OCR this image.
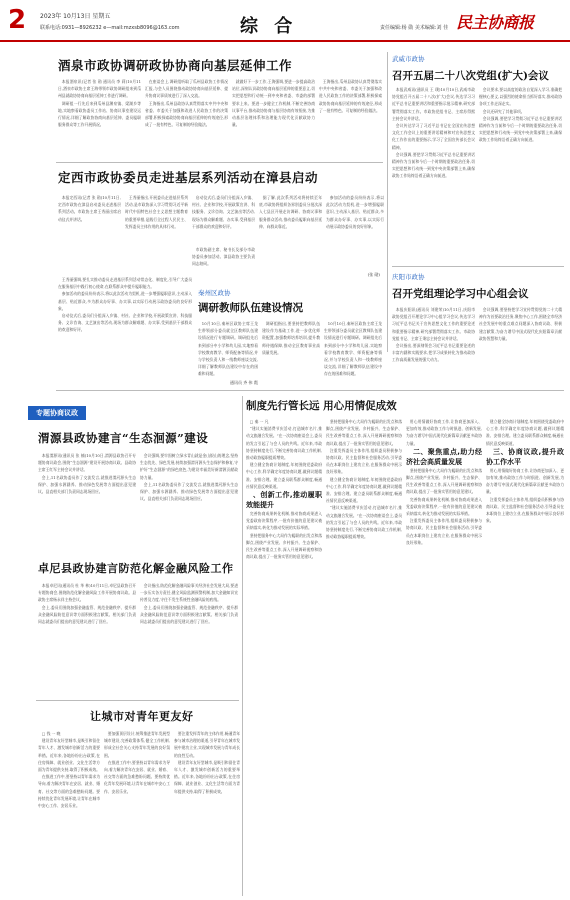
2 2023年 10月13日 星期五
联系电话:0931—8926232 e—mail:mzxsb8096@163.com	综 合	责任编辑:杨 勋 美术编辑:刘 佳 民主协商报
酒泉市政协调研政协协商向基层延伸工作

本报酒泉讯(记者 张 勋 通讯员 李 莉)10月11日,酒泉市政协主席王海带领市政协调研组来到瓜州县就政协协商向基层延伸工作进行调研。

调研组一行先后来到瓜州县渊泉镇、梁湖乡等地,实地察看政协委员工作站、协商议事室建设运行情况,详细了解政协协商向基层延伸、委员履职服务群众等工作开展情况。

在座谈会上,调研组听取了瓜州县政协工作情况汇报,与会人员围绕推动政协协商向基层延伸、提升协商议事质效进行了深入交流。

王海指出,瓜州县政协认真贯彻落实中共中央和省委、市委关于加强和改进人民政协工作的决策部署,积极探索政协协商向基层延伸的有效途径,形成了一批有特色、可复制的经验做法。

就做好下一步工作,王海强调,要进一步提高政治站位,深刻认识政协协商向基层延伸的重要意义,切实把思想和行动统一到中央和省委、市委的部署要求上来。要进一步健全工作机制,不断完善协商议事平台,推动政协协商与基层协商有效衔接,为推动基层治理体系和治理能力现代化贡献政协力量。

王海指出,瓜州县政协认真贯彻落实中共中央和省委、市委关于加强和改进人民政协工作的决策部署,积极探索政协协商向基层延伸的有效途径,形成了一批有特色、可复制的经验做法。

武威市政协
召开五届二十八次党组(扩大)会议

本报武威讯(通讯员 王 璞)10月10日,武威市政协党组召开五届二十八次(扩大)会议,传达学习习近平总书记重要讲话和重要指示批示精神,研究部署贯彻落实工作。市政协党组书记、主席苏得熙主持会议并讲话。

会议传达学习了习近平总书记在全国宣传思想文化工作会议上的重要讲话精神和对宣传思想文化工作作出的重要指示,学习了全国宣传部长会议精神。

会议强调,要把学习贯彻习近平总书记重要讲话精神作为当前和今后一个时期的重要政治任务,切实把思想和行动统一到党中央决策部署上来,确保政协工作始终沿着正确方向前进。

会议要求,要以高度的政治自觉深入学习,准确把握核心要义,以强烈的使命担当抓好落实,推动政协各项工作走深走实。

会议还研究了其他事项。

会议强调,要把学习贯彻习近平总书记重要讲话精神作为当前和今后一个时期的重要政治任务,切实把思想和行动统一到党中央决策部署上来,确保政协工作始终沿着正确方向前进。

定西市政协委员走进基层系列活动在漳县启动

本报定西讯(记者 张 勋)10月11日,定西市政协在漳县启动委员走进基层系列活动。市政协主席王秀丽出席启动仪式并讲话。

王秀丽指出,开展委员走进基层系列活动,是市政协深入学习贯彻习近平新时代中国特色社会主义思想主题教育的重要举措,是践行全过程人民民主、发挥委员主体作用的具体行动。

启动仪式后,委员们分组深入乡镇、村社、企业和学校,开展政策宣讲、科技服务、义诊咨询、文艺演出等活动,现场为群众解难题、办实事,受到基层干部群众的欢迎和好评。

据了解,此次系列活动将持续至年底,市政协将组织各界别委员分批次深入七县区开展走访调研、协商议事和服务群众活动,推动委员履职向基层延伸、向群众靠近。

参加活动的委员纷纷表示,将以此次活动为契机,进一步增强履职意识,主动深入基层、贴近群众,多为群众办好事、办实事,以实际行动展示政协委员的良好形象。

市政协副主席、秘书长及部分市政协委员参加活动。漳县政协主要负责同志陪同。

(张 勋) 庆阳市政协
召开党组理论学习中心组会议

本报庆阳讯(通讯员 刘建荣)10月11日,庆阳市政协党组召开理论学习中心组学习会议,传达学习习近平总书记关于宣传思想文化工作的重要论述和重要指示精神,研究部署贯彻落实工作。市政协党组书记、主席王秉忠主持会议并讲话。

会议指出,要深刻领会习近平总书记重要论述的丰富内涵和实践要求,把学习成果转化为推动政协工作高质量发展的强大动力。

会议强调,要坚持把学习宣传贯彻党的二十大精神作为首要政治任务,聚焦中心工作,围绕全市经济社会发展中的重点难点问题深入协商议政、积极建言献策,为奋力谱写中国式现代化庆阳篇章贡献政协智慧和力量。

秦州区政协
调研教师队伍建设情况

10月10日,秦州区政协主席王龙生带领部分委员就全区教师队伍建设情况进行专题调研。调研组先后来到部分中小学和幼儿园,实地察看学校教育教学、师资配备等情况,并与学校负责人和一线教师座谈交流,详细了解教师队伍建设中存在的困难和问题。

调研组指出,要坚持把教师队伍建设作为基础工作,进一步优化师资配置,加强教师培养培训,提升教师待遇保障,推动全区教育事业高质量发展。

10月10日,秦州区政协主席王龙生带领部分委员就全区教师队伍建设情况进行专题调研。调研组先后来到部分中小学和幼儿园,实地察看学校教育教学、师资配备等情况,并与学校负责人和一线教师座谈交流,详细了解教师队伍建设中存在的困难和问题。

通讯员 齐 伟 霞

王秀丽强调,要扎实推动委员走进基层系列活动常态化、制度化,引导广大委员在服务基层中践行初心使命,在联系群众中提升履职能力。

参加活动的委员纷纷表示,将以此次活动为契机,进一步增强履职意识,主动深入基层、贴近群众,多为群众办好事、办实事,以实际行动展示政协委员的良好形象。

启动仪式后,委员们分组深入乡镇、村社、企业和学校,开展政策宣讲、科技服务、义诊咨询、文艺演出等活动,现场为群众解难题、办实事,受到基层干部群众的欢迎和好评。

专题协商议政
制度先行管长远 用心用情促成效

□ 秦 一 凡

“建议实施消费节庆活动,打造城市名片,推动文旅融合发展。”在一次协商座谈会上,委员的发言引起了与会人员的共鸣。近年来,市政协坚持制度先行,不断完善协商议政工作机制,推动政协履职提质增效。

建立健全协商计划制度,年初围绕党委政府中心工作,科学确定年度协商议题,做到议题精准、安排合理。建立委员联系群众制度,畅通社情民意反映渠道。

、创新工作,推动履职效能提升

完善协商成果转化机制,推动协商成果进入党委政府决策程序,一批有价值的意见建议被采纳落实,转化为推动发展的实际举措。

坚持把服务中心大局作为履职的出发点和落脚点,围绕产业发展、乡村振兴、生态保护、民生改善等重点工作,深入开展调研视察和协商议政,提出了一批务实管用的意见建议。

坚持把服务中心大局作为履职的出发点和落脚点,围绕产业发展、乡村振兴、生态保护、民生改善等重点工作,深入开展调研视察和协商议政,提出了一批务实管用的意见建议。

注重发挥委员主体作用,组织委员积极参与协商议政、民主监督和社会服务活动,引导委员在本职岗位上建功立业,在服务群众中展示良好形象。

建立健全协商计划制度,年初围绕党委政府中心工作,科学确定年度协商议题,做到议题精准、安排合理。建立委员联系群众制度,畅通社情民意反映渠道。

“建议实施消费节庆活动,打造城市名片,推动文旅融合发展。”在一次协商座谈会上,委员的发言引起了与会人员的共鸣。近年来,市政协坚持制度先行,不断完善协商议政工作机制,推动政协履职提质增效。

用心用情做好协商工作,让协商更加深入、更加有效,推动政协工作与时俱进、创新发展,为奋力谱写中国式现代化新篇章贡献更多政协力量。

二、聚焦重点,助力经济社会高质量发展

坚持把服务中心大局作为履职的出发点和落脚点,围绕产业发展、乡村振兴、生态保护、民生改善等重点工作,深入开展调研视察和协商议政,提出了一批务实管用的意见建议。

完善协商成果转化机制,推动协商成果进入党委政府决策程序,一批有价值的意见建议被采纳落实,转化为推动发展的实际举措。

注重发挥委员主体作用,组织委员积极参与协商议政、民主监督和社会服务活动,引导委员在本职岗位上建功立业,在服务群众中展示良好形象。

建立健全协商计划制度,年初围绕党委政府中心工作,科学确定年度协商议题,做到议题精准、安排合理。建立委员联系群众制度,畅通社情民意反映渠道。

三、协商议政,提升政协工作水平

用心用情做好协商工作,让协商更加深入、更加有效,推动政协工作与时俱进、创新发展,为奋力谱写中国式现代化新篇章贡献更多政协力量。

注重发挥委员主体作用,组织委员积极参与协商议政、民主监督和社会服务活动,引导委员在本职岗位上建功立业,在服务群众中展示良好形象。

渭源县政协建言“生态洄源”建设

本报渭源讯(通讯员 张 楠)10月10日,渭源县政协召开专题协商议政会,围绕“生态洄源”建设开展协商议政。县政协主席王红军主持会议并讲话。

会上,11名政协委员作了交流发言,就推进渭河源头生态保护、加强水源涵养、推动绿色发展等方面提出意见建议。县直相关部门负责同志现场回应。

会议强调,要牢固树立绿水青山就是金山银山的理念,坚持生态优先、绿色发展,持续加强渭河源头生态保护和修复,守护好“生态洄源”的绿色底色,为建设幸福美好新渭源贡献政协力量。

会上,11名政协委员作了交流发言,就推进渭河源头生态保护、加强水源涵养、推动绿色发展等方面提出意见建议。县直相关部门负责同志现场回应。

卓尼县政协建言防范化解金融风险工作

本报卓尼讯(通讯员 杜 华 林)10月11日,卓尼县政协召开专题协商会,围绕防范化解金融风险工作开展协商议政。县政协主席杨永祥主持会议。

会上,委员们围绕加强金融监管、规范金融秩序、提升群众金融风险防范意识等方面积极建言献策。相关部门负责同志就委员们提出的意见建议进行了回应。

会议指出,防范化解金融风险事关经济社会发展大局,要进一步压实各方责任,健全风险监测预警机制,加大金融知识宣传普及力度,守住不发生系统性金融风险的底线。

会上,委员们围绕加强金融监管、规范金融秩序、提升群众金融风险防范意识等方面积极建言献策。相关部门负责同志就委员们提出的意见建议进行了回应。

让城市对青年更友好

□ 钱 一 晚

建设青年友好型城市,是吸引和留住青年人才、激发城市创新活力的重要举措。近年来,各地纷纷出台政策,在住房保障、就业创业、文化生活等方面为青年提供支持,取得了积极成效。

在推进工作中,要坚持以青年需求为导向,着力解决青年在安居、就业、婚育、社交等方面的急难愁盼问题。要持续优化青年发展环境,让青年在城市中安心工作、安居乐业。

要加强顶层设计,统筹推进青年发展型城市建设,完善政策体系,健全工作机制,形成全社会关心支持青年发展的良好氛围。

在推进工作中,要坚持以青年需求为导向,着力解决青年在安居、就业、婚育、社交等方面的急难愁盼问题。要持续优化青年发展环境,让青年在城市中安心工作、安居乐业。

要注重发挥青年的主体作用,畅通青年参与城市治理的渠道,引导青年在城市发展中建功立业,实现城市发展与青年成长的良性互动。

建设青年友好型城市,是吸引和留住青年人才、激发城市创新活力的重要举措。近年来,各地纷纷出台政策,在住房保障、就业创业、文化生活等方面为青年提供支持,取得了积极成效。
